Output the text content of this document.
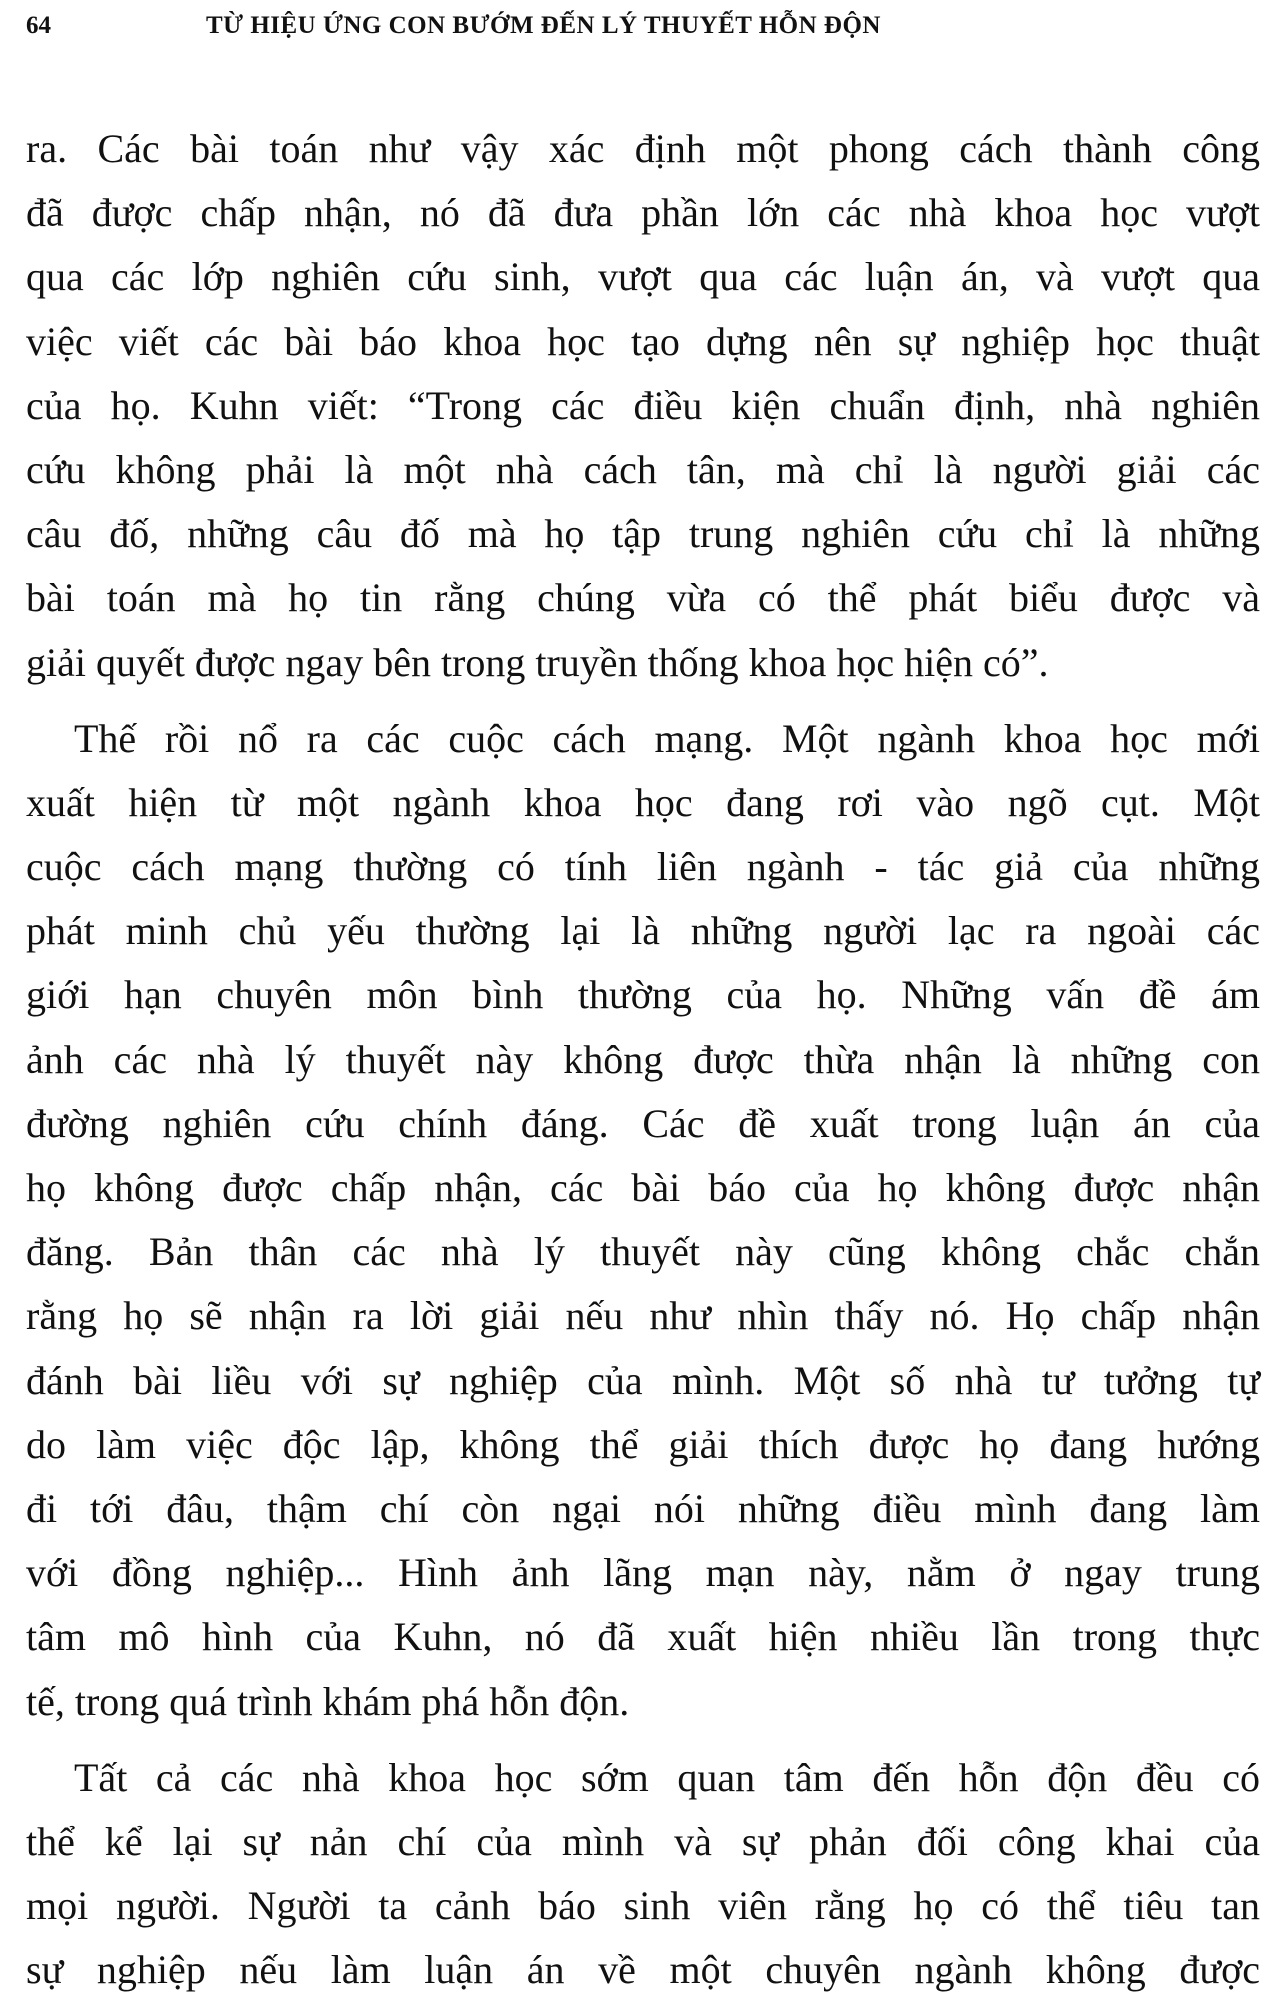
64	TỪ HIỆU ỨNG CON BƯỚM ĐẾN LÝ THUYẾT HỖN ĐỘN
ra. Các bài toán như vậy xác định một phong cách thành công
đã được chấp nhận, nó đã đưa phần lớn các nhà khoa học vượt
qua các lớp nghiên cứu sinh, vượt qua các luận án, và vượt qua
việc viết các bài báo khoa học tạo dựng nên sự nghiệp học thuật
của họ. Kuhn viết: “Trong các điều kiện chuẩn định, nhà nghiên
cứu không phải là một nhà cách tân, mà chỉ là người giải các
câu đố, những câu đố mà họ tập trung nghiên cứu chỉ là những
bài toán mà họ tin rằng chúng vừa có thể phát biểu được và
giải quyết được ngay bên trong truyền thống khoa học hiện có”.
Thế rồi nổ ra các cuộc cách mạng. Một ngành khoa học mới
xuất hiện từ một ngành khoa học đang rơi vào ngõ cụt. Một
cuộc cách mạng thường có tính liên ngành - tác giả của những
phát minh chủ yếu thường lại là những người lạc ra ngoài các
giới hạn chuyên môn bình thường của họ. Những vấn đề ám
ảnh các nhà lý thuyết này không được thừa nhận là những con
đường nghiên cứu chính đáng. Các đề xuất trong luận án của
họ không được chấp nhận, các bài báo của họ không được nhận
đăng. Bản thân các nhà lý thuyết này cũng không chắc chắn
rằng họ sẽ nhận ra lời giải nếu như nhìn thấy nó. Họ chấp nhận
đánh bài liều với sự nghiệp của mình. Một số nhà tư tưởng tự
do làm việc độc lập, không thể giải thích được họ đang hướng
đi tới đâu, thậm chí còn ngại nói những điều mình đang làm
với đồng nghiệp... Hình ảnh lãng mạn này, nằm ở ngay trung
tâm mô hình của Kuhn, nó đã xuất hiện nhiều lần trong thực
tế, trong quá trình khám phá hỗn độn.
Tất cả các nhà khoa học sớm quan tâm đến hỗn độn đều có
thể kể lại sự nản chí của mình và sự phản đối công khai của
mọi người. Người ta cảnh báo sinh viên rằng họ có thể tiêu tan
sự nghiệp nếu làm luận án về một chuyên ngành không được
